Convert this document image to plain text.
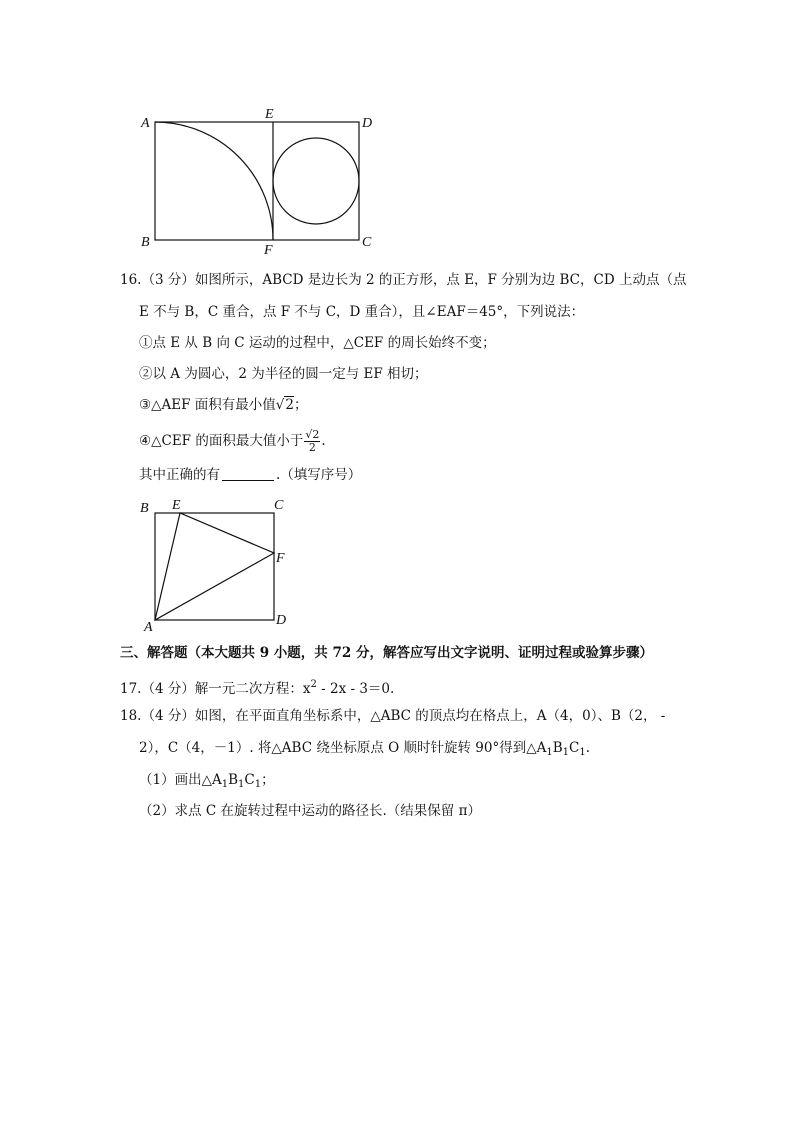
A
E
D
B
F
C
B E	C
F
A	D
16.（3 分）如图所示，ABCD 是边长为 2 的正方形，点 E，F 分别为边 BC，CD 上动点（点
E 不与 B，C 重合，点 F 不与 C，D 重合），且∠EAF＝45°，下列说法：
①点 E 从 B 向 C 运动的过程中，△CEF 的周长始终不变；
②以 A 为圆心，2 为半径的圆一定与 EF 相切；
③△AEF 面积有最小值√2；
④△CEF 的面积最大值小于 $\frac{√2}{2}$ .
其中正确的有	.（填写序号）
三、解答题（本大题共 9 小题，共 72 分，解答应写出文字说明、证明过程或验算步骤）
17.（4 分）解一元二次方程：$x^2 - 2x - 3=0$.
18.（4 分）如图，在平面直角坐标系中，△ABC 的顶点均在格点上，A（4，0）、B（2， -
2），C（4，－1）. 将△ABC 绕坐标原点 O 顺时针旋转 90°得到$\triangle A_1B_1C_1$.
（1）画出$\triangle A_1B_1C_1$；
（2）求点 C 在旋转过程中运动的路径长.（结果保留 π）
